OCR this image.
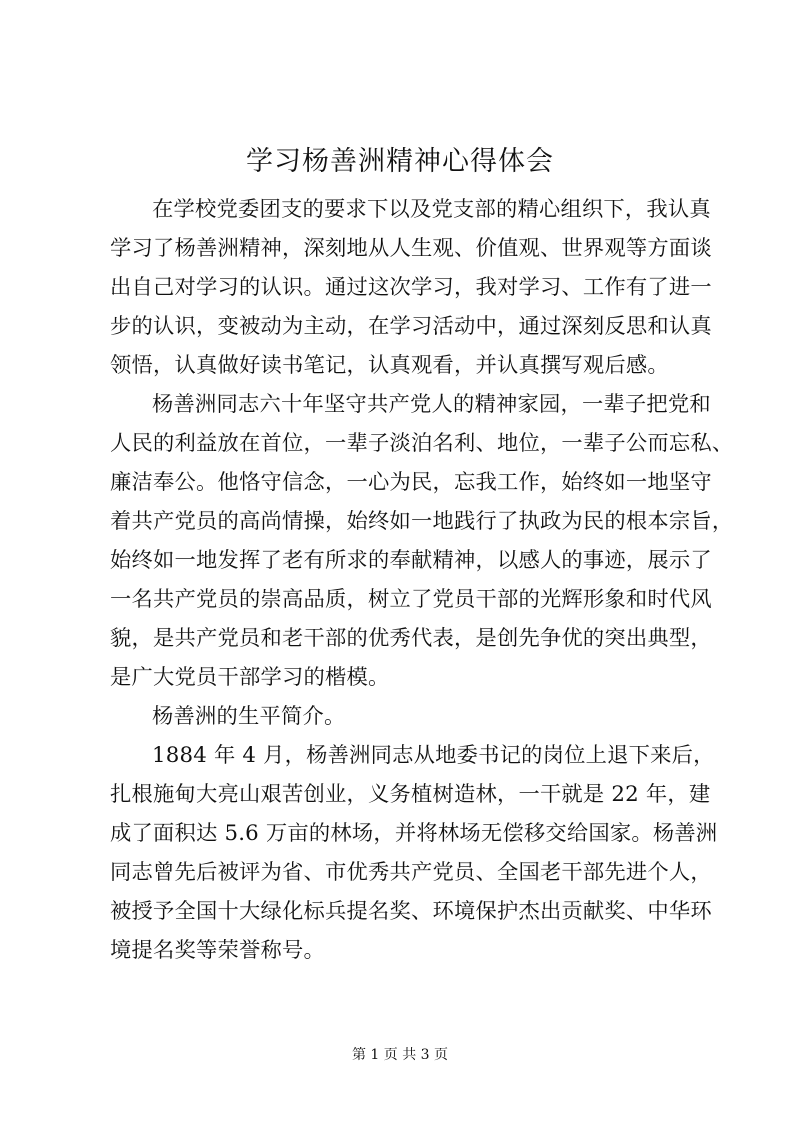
学习杨善洲精神心得体会
在学校党委团支的要求下以及党支部的精心组织下，我认真
学习了杨善洲精神，深刻地从人生观、价值观、世界观等方面谈
出自己对学习的认识。通过这次学习，我对学习、工作有了进一
步的认识，变被动为主动，在学习活动中，通过深刻反思和认真
领悟，认真做好读书笔记，认真观看，并认真撰写观后感。
杨善洲同志六十年坚守共产党人的精神家园，一辈子把党和
人民的利益放在首位，一辈子淡泊名利、地位，一辈子公而忘私、
廉洁奉公。他恪守信念，一心为民，忘我工作，始终如一地坚守
着共产党员的高尚情操，始终如一地践行了执政为民的根本宗旨，
始终如一地发挥了老有所求的奉献精神，以感人的事迹，展示了
一名共产党员的崇高品质，树立了党员干部的光辉形象和时代风
貌，是共产党员和老干部的优秀代表，是创先争优的突出典型，
是广大党员干部学习的楷模。
杨善洲的生平简介。
1884 年 4 月，杨善洲同志从地委书记的岗位上退下来后，
扎根施甸大亮山艰苦创业，义务植树造林，一干就是 22 年，建
成了面积达 5.6 万亩的林场，并将林场无偿移交给国家。杨善洲
同志曾先后被评为省、市优秀共产党员、全国老干部先进个人，
被授予全国十大绿化标兵提名奖、环境保护杰出贡献奖、中华环
境提名奖等荣誉称号。
第 1 页 共 3 页
